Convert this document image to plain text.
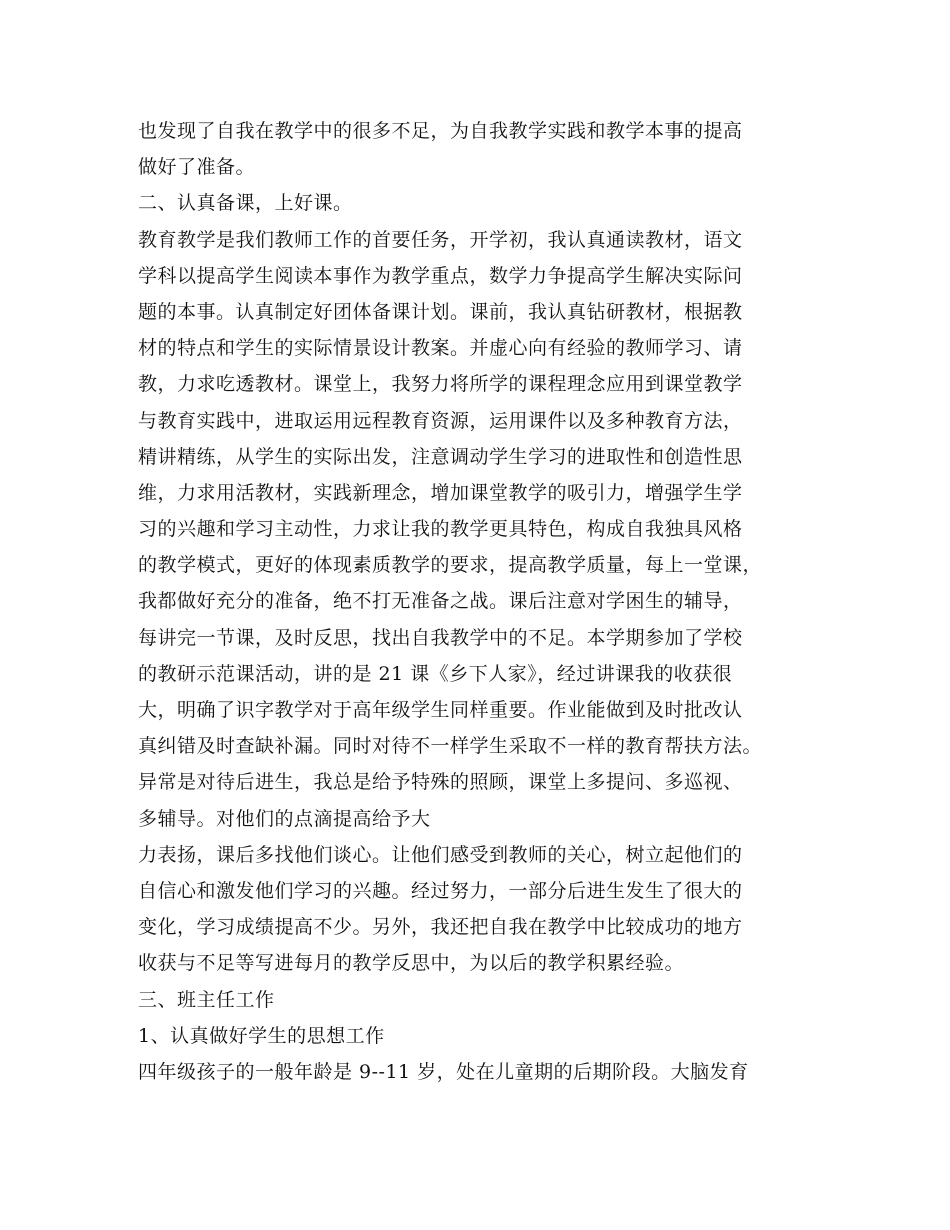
也发现了自我在教学中的很多不足，为自我教学实践和教学本事的提高
做好了准备。
二、认真备课，上好课。
教育教学是我们教师工作的首要任务，开学初，我认真通读教材，语文
学科以提高学生阅读本事作为教学重点，数学力争提高学生解决实际问
题的本事。认真制定好团体备课计划。课前，我认真钻研教材，根据教
材的特点和学生的实际情景设计教案。并虚心向有经验的教师学习、请
教，力求吃透教材。课堂上，我努力将所学的课程理念应用到课堂教学
与教育实践中，进取运用远程教育资源，运用课件以及多种教育方法，
精讲精练，从学生的实际出发，注意调动学生学习的进取性和创造性思
维，力求用活教材，实践新理念，增加课堂教学的吸引力，增强学生学
习的兴趣和学习主动性，力求让我的教学更具特色，构成自我独具风格
的教学模式，更好的体现素质教学的要求，提高教学质量，每上一堂课，
我都做好充分的准备，绝不打无准备之战。课后注意对学困生的辅导，
每讲完一节课，及时反思，找出自我教学中的不足。本学期参加了学校
的教研示范课活动，讲的是 21 课《乡下人家》，经过讲课我的收获很
大，明确了识字教学对于高年级学生同样重要。作业能做到及时批改认
真纠错及时查缺补漏。同时对待不一样学生采取不一样的教育帮扶方法。
异常是对待后进生，我总是给予特殊的照顾，课堂上多提问、多巡视、
多辅导。对他们的点滴提高给予大
力表扬，课后多找他们谈心。让他们感受到教师的关心，树立起他们的
自信心和激发他们学习的兴趣。经过努力，一部分后进生发生了很大的
变化，学习成绩提高不少。另外，我还把自我在教学中比较成功的地方
收获与不足等写进每月的教学反思中，为以后的教学积累经验。
三、班主任工作
1、认真做好学生的思想工作
四年级孩子的一般年龄是 9--11 岁，处在儿童期的后期阶段。大脑发育
